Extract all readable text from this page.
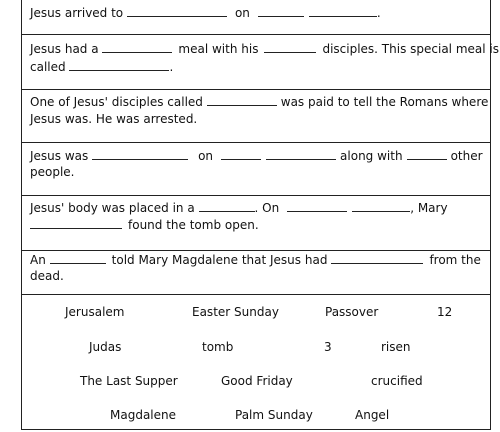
Jesus arrived to	on	.
Jesus had a	meal with his	disciples. This special meal is
called	.
One of Jesus' disciples called	was paid to tell the Romans where
Jesus was. He was arrested.
Jesus was	on	along with	other
people.
Jesus' body was placed in a	. On	, Mary
found the tomb open.
An	told Mary Magdalene that Jesus had	from the
dead.
Jerusalem	Easter Sunday	Passover	12
Judas	tomb	3	risen
The Last Supper	Good Friday	crucified
Magdalene	Palm Sunday	Angel
